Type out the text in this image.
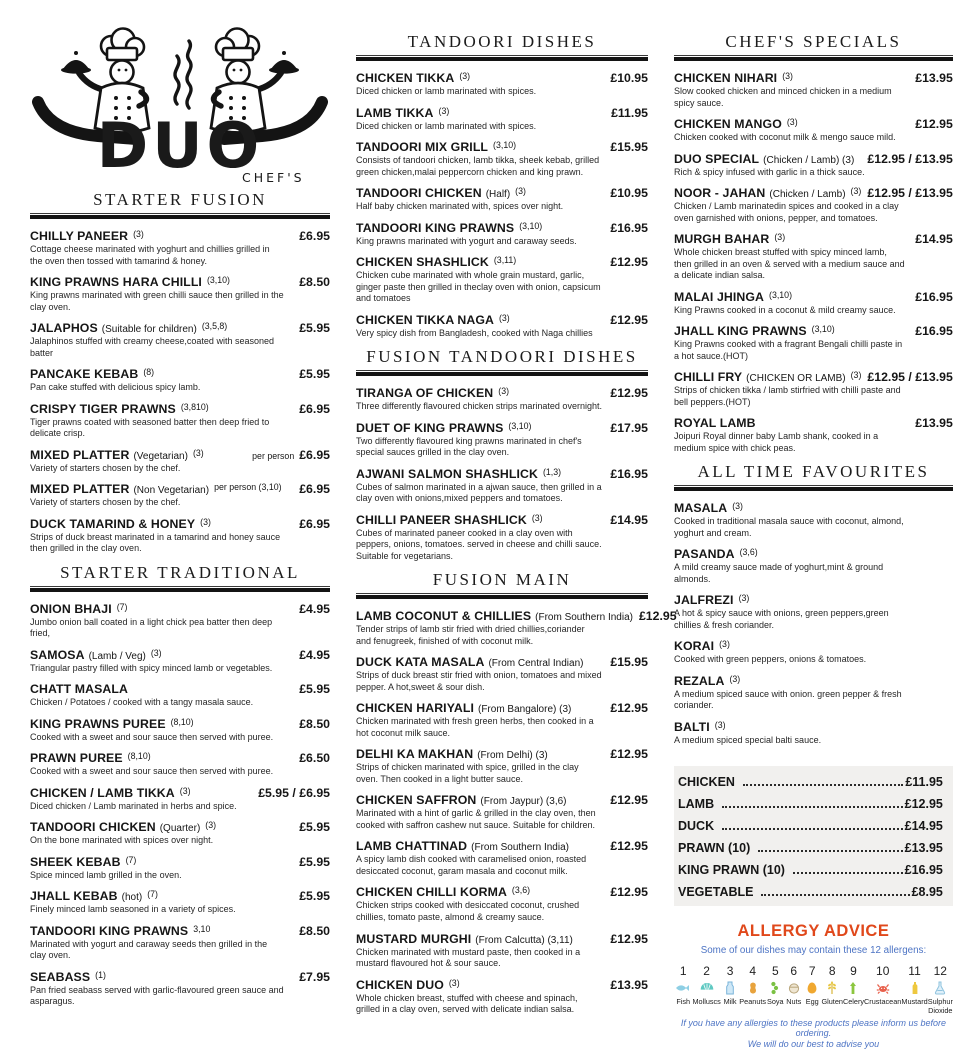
DUO
CHEF'S
STARTER FUSION
CHILLY PANEER (3)	£6.95
Cottage cheese marinated with yoghurt and chillies grilled in the oven then tossed with tamarind & honey.
KING PRAWNS HARA CHILLI (3,10)	£8.50
King prawns marinated with green chilli sauce then grilled in the clay oven.
JALAPHOS (Suitable for children) (3,5,8)	£5.95
Jalaphinos stuffed with creamy cheese,coated with seasoned batter
PANCAKE KEBAB (8)	£5.95
Pan cake stuffed with delicious spicy lamb.
CRISPY TIGER PRAWNS (3,810)	£6.95
Tiger prawns coated with seasoned batter then deep fried to delicate crisp.
MIXED PLATTER (Vegetarian) (3)	per person £6.95
Variety of starters chosen by the chef.
MIXED PLATTER (Non Vegetarian) per person (3,10) £6.95
Variety of starters chosen by the chef.
DUCK TAMARIND & HONEY (3)	£6.95
Strips of duck breast marinated in a tamarind and honey sauce then grilled in the clay oven.
STARTER TRADITIONAL
ONION BHAJI (7)	£4.95
Jumbo onion ball coated in a light chick pea batter then deep fried,
SAMOSA (Lamb / Veg) (3)	£4.95
Triangular pastry filled with spicy minced lamb or vegetables.
CHATT MASALA	£5.95
Chicken / Potatoes / cooked with a tangy masala sauce.
KING PRAWNS PUREE (8,10)	£8.50
Cooked with a sweet and sour sauce then served with puree.
PRAWN PUREE (8,10)	£6.50
Cooked with a sweet and sour sauce then served with puree.
CHICKEN / LAMB TIKKA (3)	£5.95 / £6.95
Diced chicken / Lamb marinated in herbs and spice.
TANDOORI CHICKEN (Quarter) (3)	£5.95
On the bone marinated with spices over night.
SHEEK KEBAB (7)	£5.95
Spice minced lamb grilled in the oven.
JHALL KEBAB (hot) (7)	£5.95
Finely minced lamb seasoned in a variety of spices.
TANDOORI KING PRAWNS 3,10	£8.50
Marinated with yogurt and caraway seeds then grilled in the clay oven.
SEABASS (1)	£7.95
Pan fried seabass served with garlic-flavoured green sauce and asparagus.
TANDOORI DISHES
CHICKEN TIKKA (3)	£10.95
Diced chicken or lamb marinated with spices.
LAMB TIKKA (3)	£11.95
Diced chicken or lamb marinated with spices.
TANDOORI MIX GRILL (3,10)	£15.95
Consists of tandoori chicken, lamb tikka, sheek kebab, grilled green chicken,malai peppercorn chicken and king prawn.
TANDOORI CHICKEN (Half) (3)	£10.95
Half baby chicken marinated with, spices over night.
TANDOORI KING PRAWNS (3,10)	£16.95
King prawns marinated with yogurt and caraway seeds.
CHICKEN SHASHLICK (3,11)	£12.95
Chicken cube marinated with whole grain mustard, garlic, ginger paste then grilled in theclay oven with onion, capsicum and tomatoes
CHICKEN TIKKA NAGA (3)	£12.95
Very spicy dish from Bangladesh, cooked with Naga chillies
FUSION TANDOORI DISHES
TIRANGA OF CHICKEN (3)	£12.95
Three differently flavoured chicken strips marinated overnight.
DUET OF KING PRAWNS (3,10)	£17.95
Two differently flavoured king prawns marinated in chef's special sauces grilled in the clay oven.
AJWANI SALMON SHASHLICK (1,3)	£16.95
Cubes of salmon marinated in a ajwan sauce, then grilled in a clay oven with onions,mixed peppers and tomatoes.
CHILLI PANEER SHASHLICK (3)	£14.95
Cubes of marinated paneer cooked in a clay oven with peppers, onions, tomatoes. served in cheese and chilli sauce. Suitable for vegetarians.
FUSION MAIN
LAMB COCONUT & CHILLIES (From Southern India) £12.95
Tender strips of lamb stir fried with dried chillies,coriander and fenugreek, finished of with coconut milk.
DUCK KATA MASALA (From Central Indian) £15.95
Strips of duck breast stir fried with onion, tomatoes and mixed pepper. A hot,sweet & sour dish.
CHICKEN HARIYALI (From Bangalore) (3)	£12.95
Chicken marinated with fresh green herbs, then cooked in a hot coconut milk sauce.
DELHI KA MAKHAN (From Delhi) (3)	£12.95
Strips of chicken marinated with spice, grilled in the clay oven. Then cooked in a light butter sauce.
CHICKEN SAFFRON (From Jaypur) (3,6)	£12.95
Marinated with a hint of garlic & grilled in the clay oven, then cooked with saffron cashew nut sauce. Suitable for children.
LAMB CHATTINAD (From Southern India)	£12.95
A spicy lamb dish cooked with caramelised onion, roasted desiccated coconut, garam masala and coconut milk.
CHICKEN CHILLI KORMA (3,6)	£12.95
Chicken strips cooked with desiccated coconut, crushed chillies, tomato paste, almond & creamy sauce.
MUSTARD MURGHI (From Calcutta) (3,11)	£12.95
Chicken marinated with mustard paste, then cooked in a mustard flavoured hot & sour sauce.
CHICKEN DUO (3)	£13.95
Whole chicken breast, stuffed with cheese and spinach, grilled in a clay oven, served with delicate indian salsa.
CHEF'S SPECIALS
CHICKEN NIHARI (3)	£13.95
Slow cooked chicken and minced chicken in a medium spicy sauce.
CHICKEN MANGO (3)	£12.95
Chicken cooked with coconut milk & mengo sauce mild.
DUO SPECIAL (Chicken / Lamb) (3) £12.95 / £13.95
Rich & spicy infused with garlic in a thick sauce.
NOOR - JAHAN (Chicken / Lamb) (3) £12.95 / £13.95
Chicken / Lamb marinatedin spices and cooked in a clay oven garnished with onions, pepper, and tomatoes.
MURGH BAHAR (3)	£14.95
Whole chicken breast stuffed with spicy minced lamb, then grilled in an oven & served with a medium sauce and a delicate indian salsa.
MALAI JHINGA (3,10)	£16.95
King Prawns cooked in a coconut & mild creamy sauce.
JHALL KING PRAWNS (3,10)	£16.95
King Prawns cooked with a fragrant Bengali chilli paste in a hot sauce.(HOT)
CHILLI FRY (CHICKEN OR LAMB) (3) £12.95 / £13.95
Strips of chicken tikka / lamb stirfried with chilli paste and bell peppers.(HOT)
ROYAL LAMB	£13.95
Joipuri Royal dinner baby Lamb shank, cooked in a medium spice with chick peas.
ALL TIME FAVOURITES
MASALA (3)
Cooked in traditional masala sauce with coconut, almond, yoghurt and cream.
PASANDA (3,6)
A mild creamy sauce made of yoghurt,mint & ground almonds.
JALFREZI (3)
A hot & spicy sauce with onions, green peppers,green chillies & fresh coriander.
KORAI (3)
Cooked with green peppers, onions & tomatoes.
REZALA (3)
A medium spiced sauce with onion. green pepper & fresh coriander.
BALTI (3)
A medium spiced special balti sauce.
CHICKEN	£11.95
LAMB	£12.95
DUCK	£14.95
PRAWN (10)	£13.95
KING PRAWN (10)	£16.95
VEGETABLE	£8.95
ALLERGY ADVICE
Some of our dishes may contain these 12 allergens:
1
Fish
2
Molluscs
3
Milk
4
Peanuts
5
Soya
6
Nuts
7
Egg
8
Gluten
9
Celery
10
Crustacean
11
Mustard
12
Sulphur Dioxide
If you have any allergies to these products please inform us before ordering.
We will do our best to advise you
